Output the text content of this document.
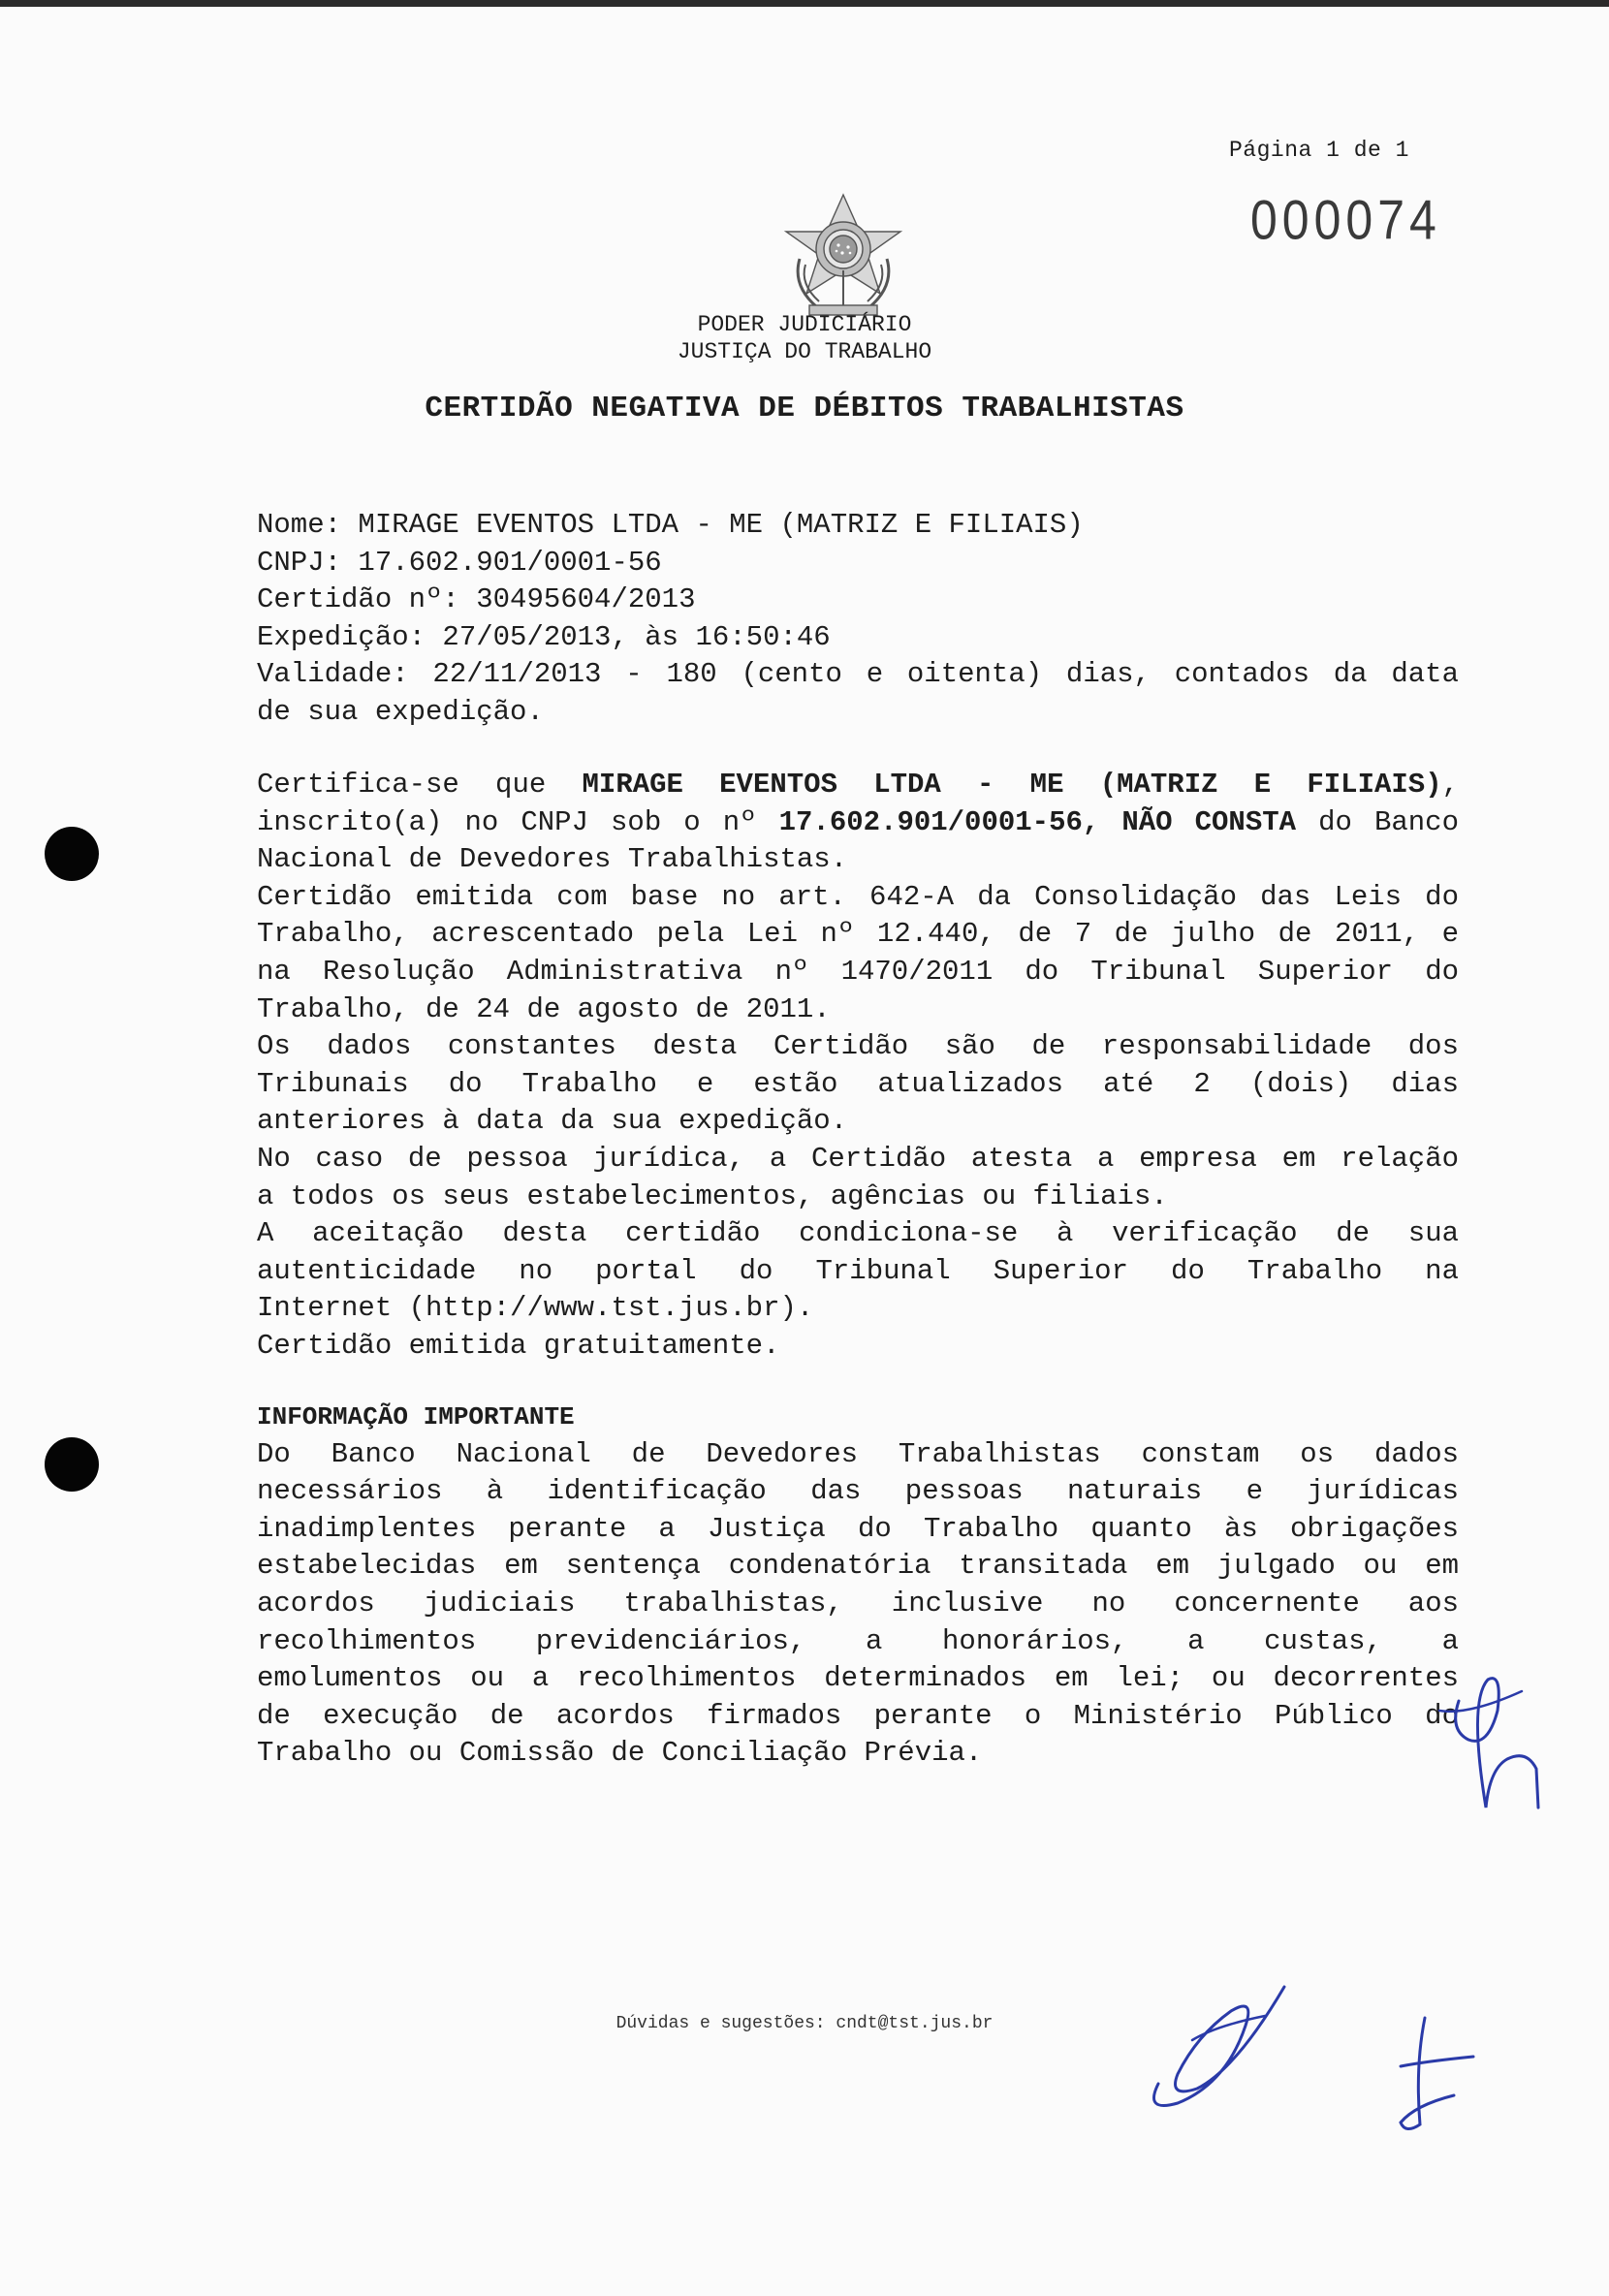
Página 1 de 1
000074
PODER JUDICIÁRIO
JUSTIÇA DO TRABALHO
CERTIDÃO NEGATIVA DE DÉBITOS TRABALHISTAS
Nome: MIRAGE EVENTOS LTDA - ME (MATRIZ E FILIAIS)
CNPJ: 17.602.901/0001-56
Certidão nº: 30495604/2013
Expedição: 27/05/2013, às 16:50:46
Validade: 22/11/2013 - 180 (cento e oitenta) dias, contados da data
de sua expedição.
Certifica-se que MIRAGE EVENTOS LTDA - ME (MATRIZ E FILIAIS),
inscrito(a) no CNPJ sob o nº 17.602.901/0001-56, NÃO CONSTA do Banco
Nacional de Devedores Trabalhistas.
Certidão emitida com base no art. 642-A da Consolidação das Leis do
Trabalho, acrescentado pela Lei nº 12.440, de 7 de julho de 2011, e
na Resolução Administrativa nº 1470/2011 do Tribunal Superior do
Trabalho, de 24 de agosto de 2011.
Os dados constantes desta Certidão são de responsabilidade dos
Tribunais do Trabalho e estão atualizados até 2 (dois) dias
anteriores à data da sua expedição.
No caso de pessoa jurídica, a Certidão atesta a empresa em relação
a todos os seus estabelecimentos, agências ou filiais.
A aceitação desta certidão condiciona-se à verificação de sua
autenticidade no portal do Tribunal Superior do Trabalho na
Internet (http://www.tst.jus.br).
Certidão emitida gratuitamente.
INFORMAÇÃO IMPORTANTE
Do Banco Nacional de Devedores Trabalhistas constam os dados
necessários à identificação das pessoas naturais e jurídicas
inadimplentes perante a Justiça do Trabalho quanto às obrigações
estabelecidas em sentença condenatória transitada em julgado ou em
acordos judiciais trabalhistas, inclusive no concernente aos
recolhimentos previdenciários, a honorários, a custas, a
emolumentos ou a recolhimentos determinados em lei; ou decorrentes
de execução de acordos firmados perante o Ministério Público do
Trabalho ou Comissão de Conciliação Prévia.
Dúvidas e sugestões: cndt@tst.jus.br
